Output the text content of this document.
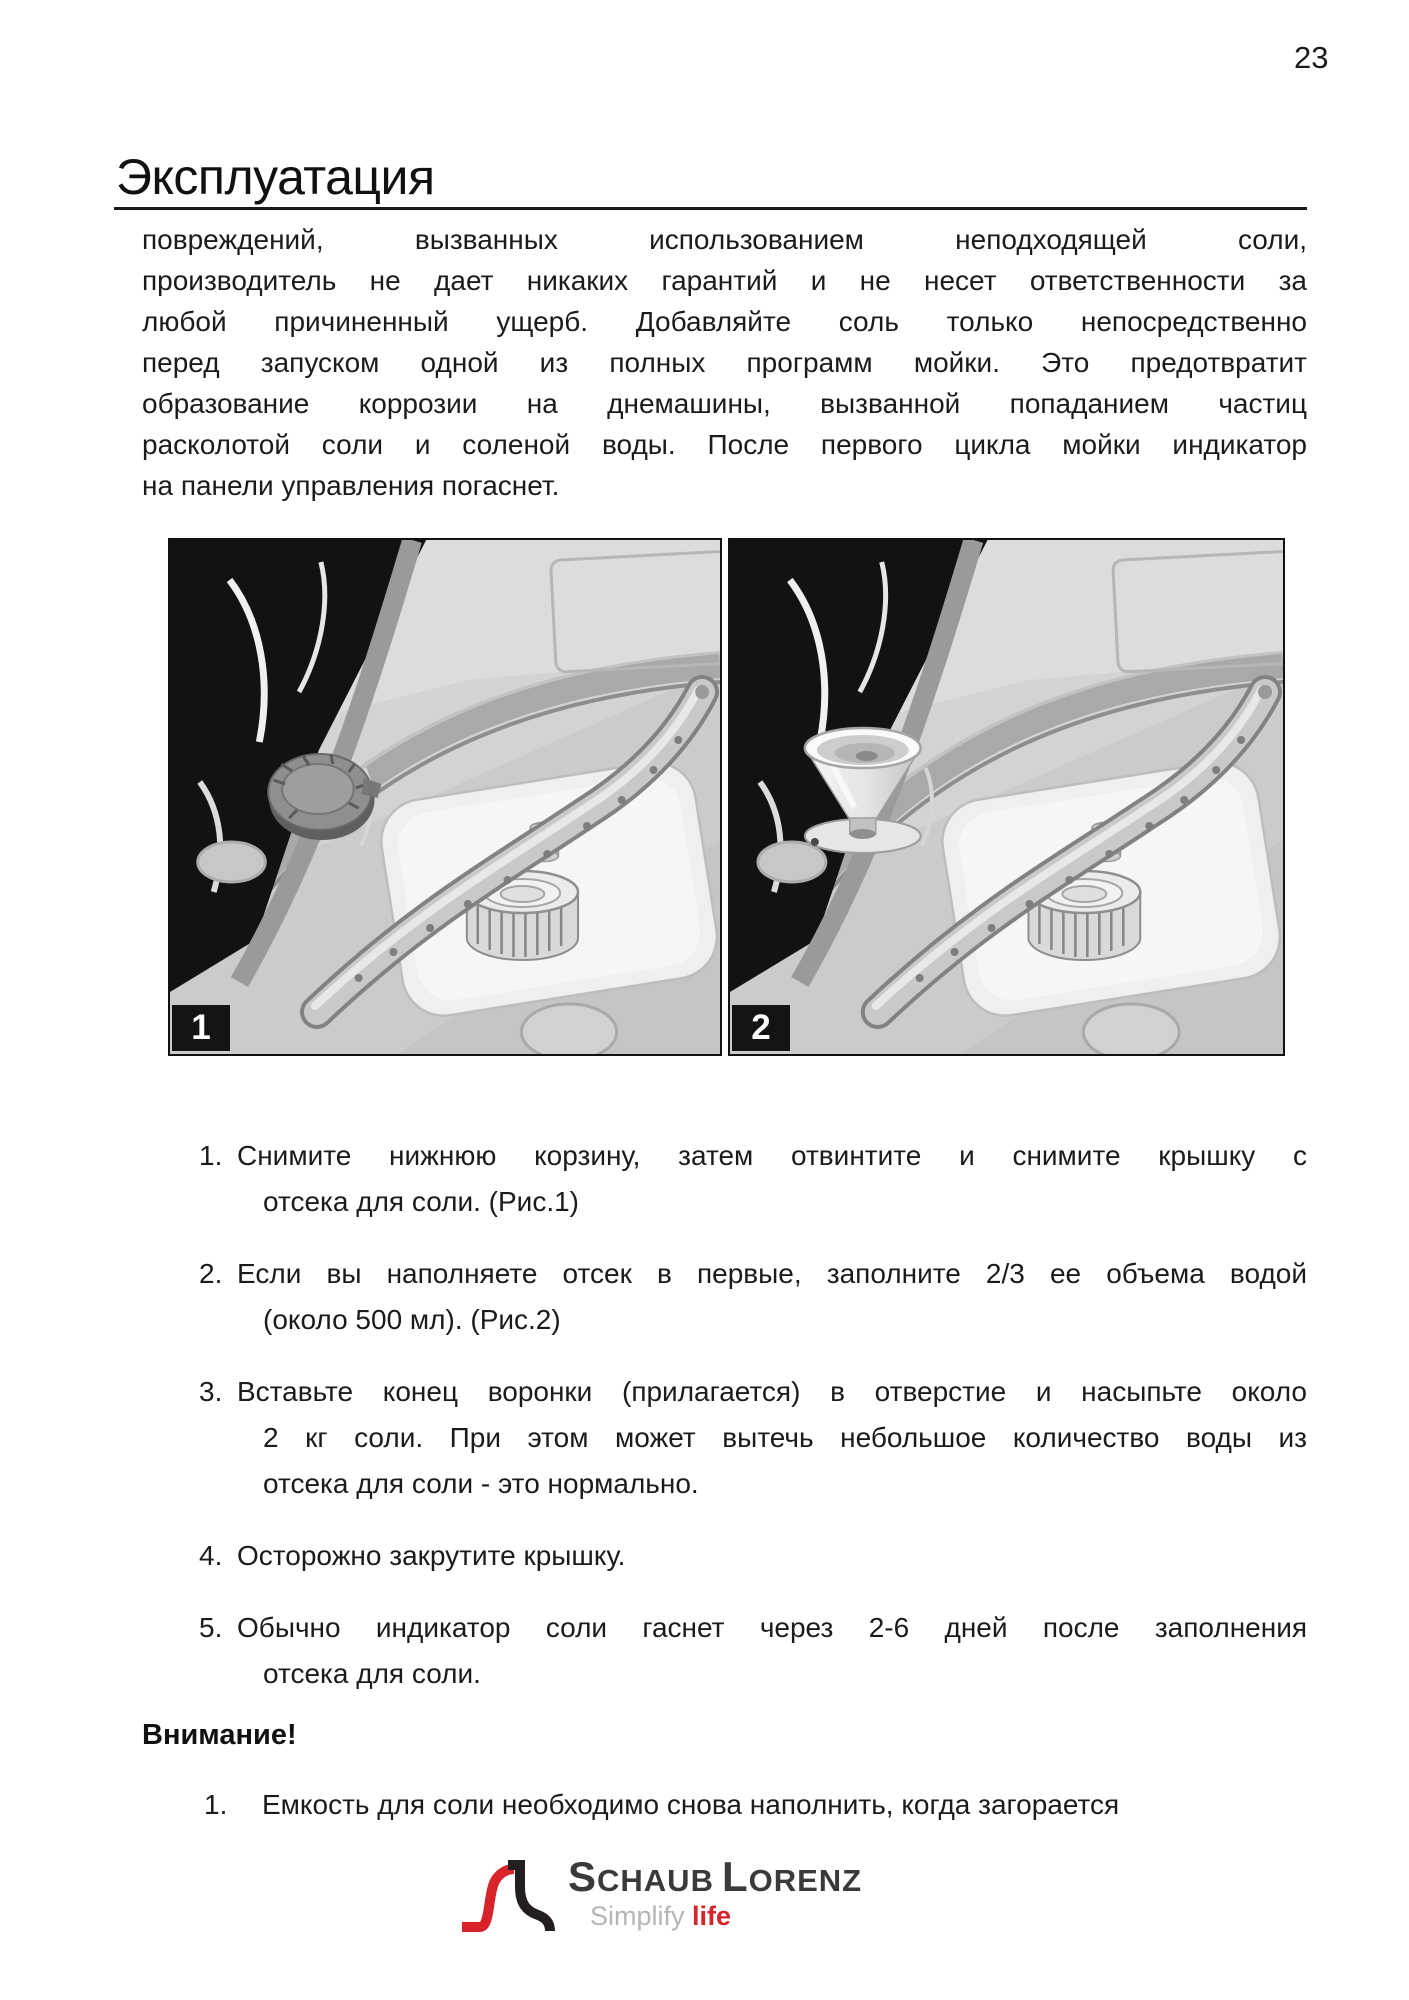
23
Эксплуатация
повреждений, вызванных использованием неподходящей соли,
производитель не дает никаких гарантий и не несет ответственности за
любой причиненный ущерб. Добавляйте соль только непосредственно
перед запуском одной из полных программ мойки. Это предотвратит
образование коррозии на днемашины, вызванной попаданием частиц
расколотой соли и соленой воды. После первого цикла мойки индикатор
на панели управления погаснет.
1	2
1. Снимите нижнюю корзину, затем отвинтите и снимите крышку с
отсека для соли. (Рис.1)
2. Если вы наполняете отсек в первые, заполните 2/3 ее объема водой
(около 500 мл). (Рис.2)
3. Вставьте конец воронки (прилагается) в отверстие и насыпьте около
2 кг соли. При этом может вытечь небольшое количество воды из
отсека для соли - это нормально.
4. Осторожно закрутите крышку.
5. Обычно индикатор соли гаснет через 2-6 дней после заполнения
отсека для соли.
Внимание!
1.	Емкость для соли необходимо снова наполнить, когда загорается
SCHAUB LORENZ
Simplify life
